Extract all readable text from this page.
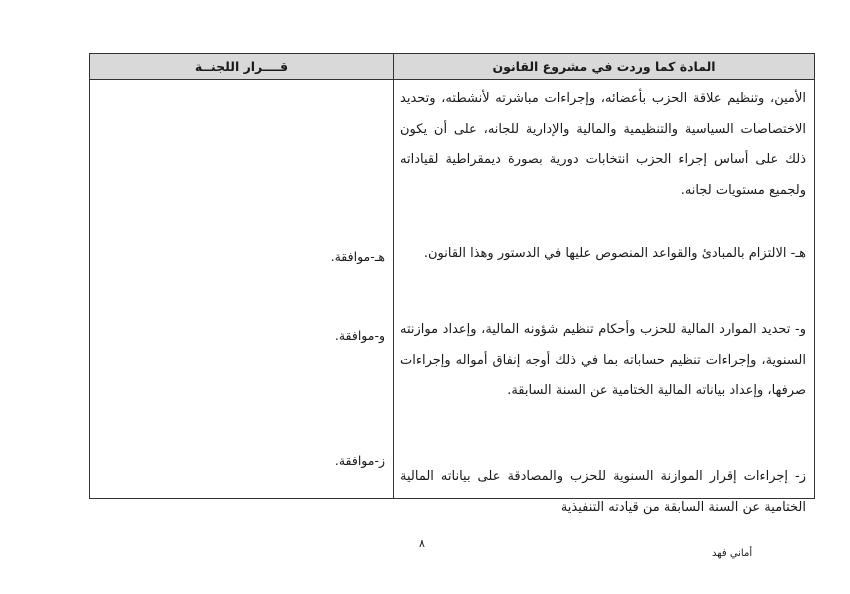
قــــرار اللجنــة	المادة كما وردت في مشروع القانون
هـ-موافقة.
و-موافقة.
ز-موافقة.

الأمين، وتنظيم علاقة الحزب بأعضائه، وإجراءات مباشرته لأنشطته، وتحديد الاختصاصات السياسية والتنظيمية والمالية والإدارية للجانه، على أن يكون ذلك على أساس إجراء الحزب انتخابات دورية بصورة ديمقراطية لقياداته ولجميع مستويات لجانه.

هـ- الالتزام بالمبادئ والقواعد المنصوص عليها في الدستور وهذا القانون.

و- تحديد الموارد المالية للحزب وأحكام تنظيم شؤونه المالية، وإعداد موازنته السنوية، وإجراءات تنظيم حساباته بما في ذلك أوجه إنفاق أمواله وإجراءات صرفها، وإعداد بياناته المالية الختامية عن السنة السابقة.

ز- إجراءات إقرار الموازنة السنوية للحزب والمصادقة على بياناته المالية الختامية عن السنة السابقة من قيادته التنفيذية

٨
أماني فهد
